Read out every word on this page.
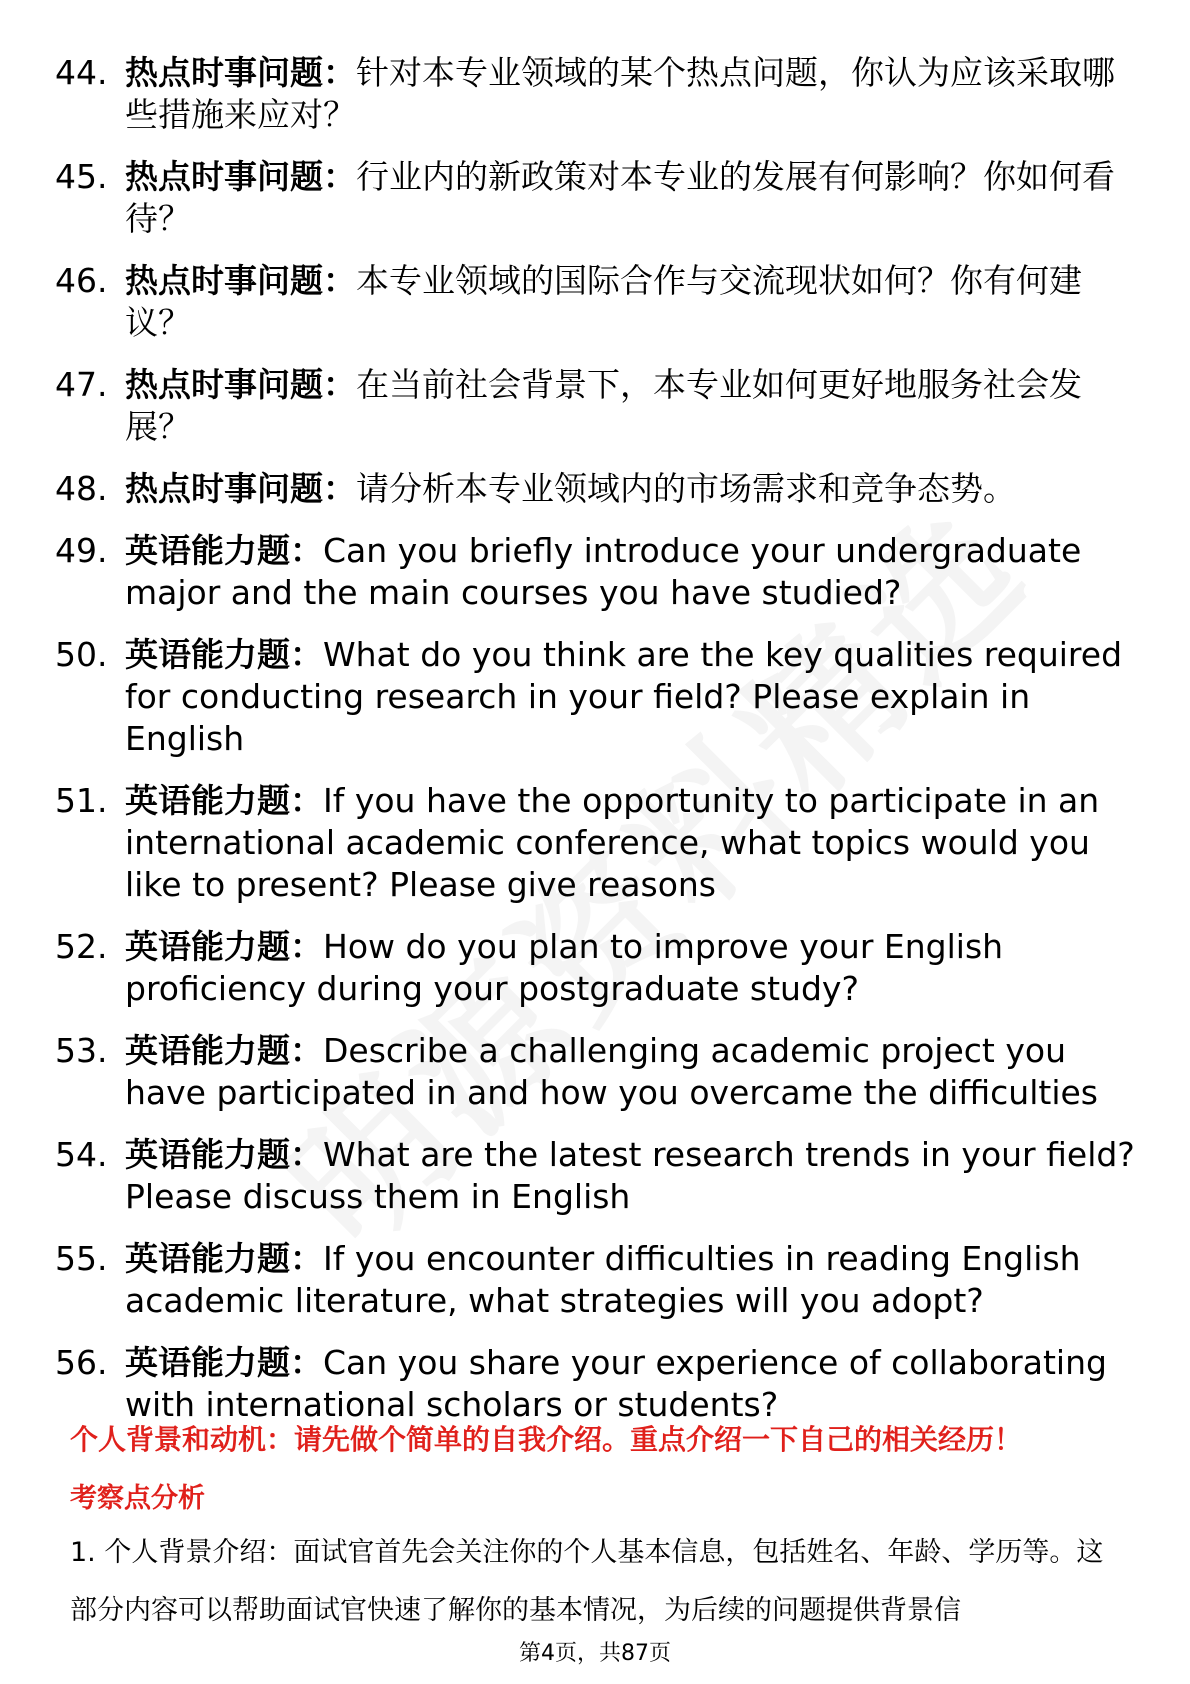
44. 热点时事问题：针对本专业领域的某个热点问题，你认为应该采取哪些措施来应对？
45. 热点时事问题：行业内的新政策对本专业的发展有何影响？你如何看待？
46. 热点时事问题：本专业领域的国际合作与交流现状如何？你有何建议？
47. 热点时事问题：在当前社会背景下，本专业如何更好地服务社会发展？
48. 热点时事问题：请分析本专业领域内的市场需求和竞争态势。
49. 英语能力题：Can you briefly introduce your undergraduate major and the main courses you have studied?
50. 英语能力题：What do you think are the key qualities required for conducting research in your field? Please explain in English
51. 英语能力题：If you have the opportunity to participate in an international academic conference, what topics would you like to present? Please give reasons
52. 英语能力题：How do you plan to improve your English proficiency during your postgraduate study?
53. 英语能力题：Describe a challenging academic project you have participated in and how you overcame the difficulties
54. 英语能力题：What are the latest research trends in your field? Please discuss them in English
55. 英语能力题：If you encounter difficulties in reading English academic literature, what strategies will you adopt?
56. 英语能力题：Can you share your experience of collaborating with international scholars or students?
个人背景和动机：请先做个简单的自我介绍。重点介绍一下自己的相关经历！
考察点分析
1. 个人背景介绍：面试官首先会关注你的个人基本信息，包括姓名、年龄、学历等。这部分内容可以帮助面试官快速了解你的基本情况，为后续的问题提供背景信
第4页，共87页
